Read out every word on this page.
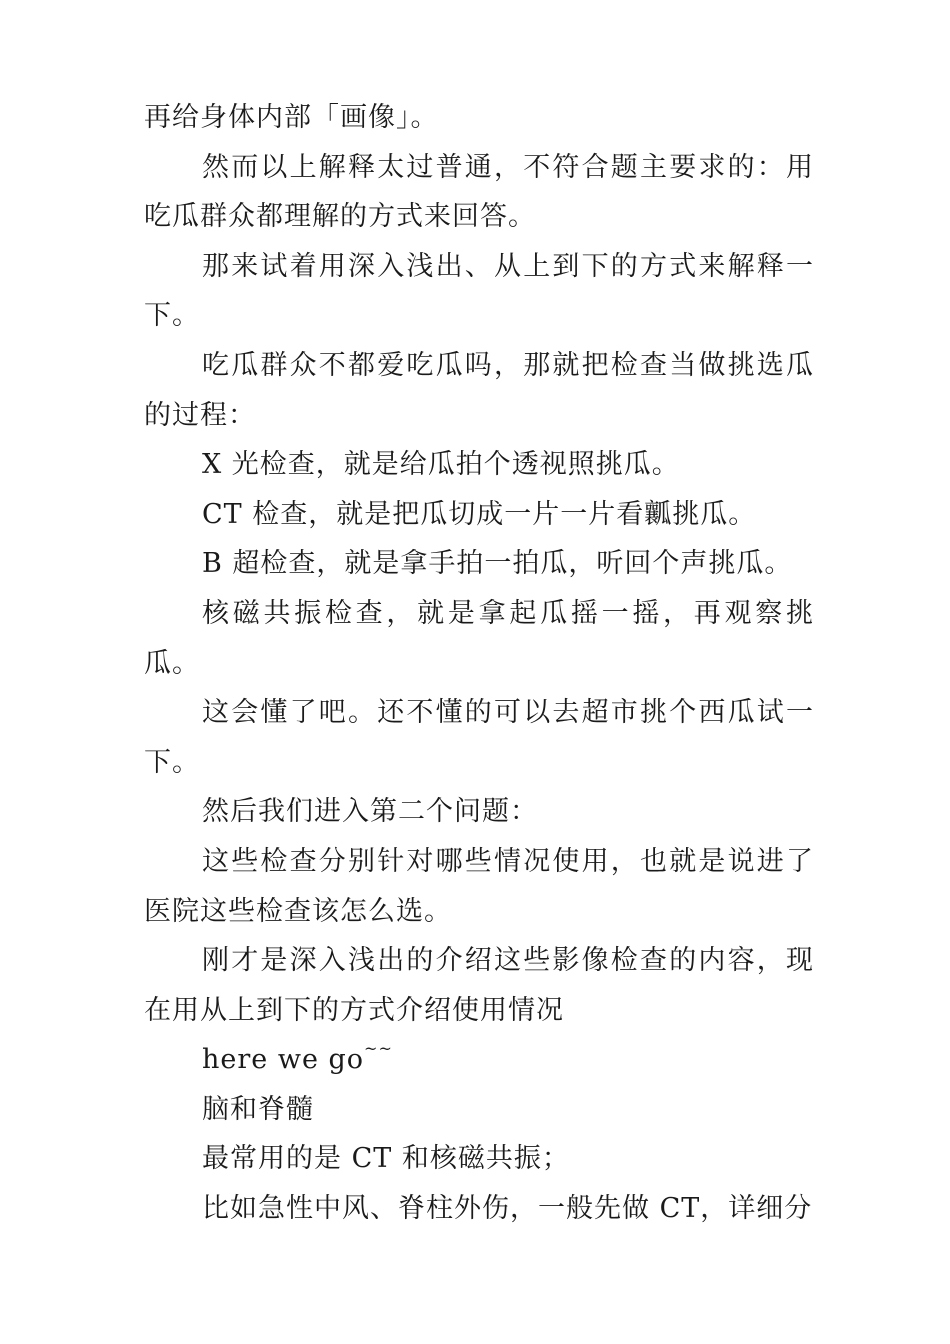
再给身体内部「画像」。

然而以上解释太过普通，不符合题主要求的：用吃瓜群众都理解的方式来回答。

那来试着用深入浅出、从上到下的方式来解释一下。

吃瓜群众不都爱吃瓜吗，那就把检查当做挑选瓜的过程：

X 光检查，就是给瓜拍个透视照挑瓜。

CT 检查，就是把瓜切成一片一片看瓤挑瓜。

B 超检查，就是拿手拍一拍瓜，听回个声挑瓜。

核磁共振检查，就是拿起瓜摇一摇，再观察挑瓜。

这会懂了吧。还不懂的可以去超市挑个西瓜试一下。

然后我们进入第二个问题：

这些检查分别针对哪些情况使用，也就是说进了医院这些检查该怎么选。

刚才是深入浅出的介绍这些影像检查的内容，现在用从上到下的方式介绍使用情况

here we go~~

脑和脊髓

最常用的是 CT 和核磁共振；

比如急性中风、脊柱外伤，一般先做 CT，详细分
